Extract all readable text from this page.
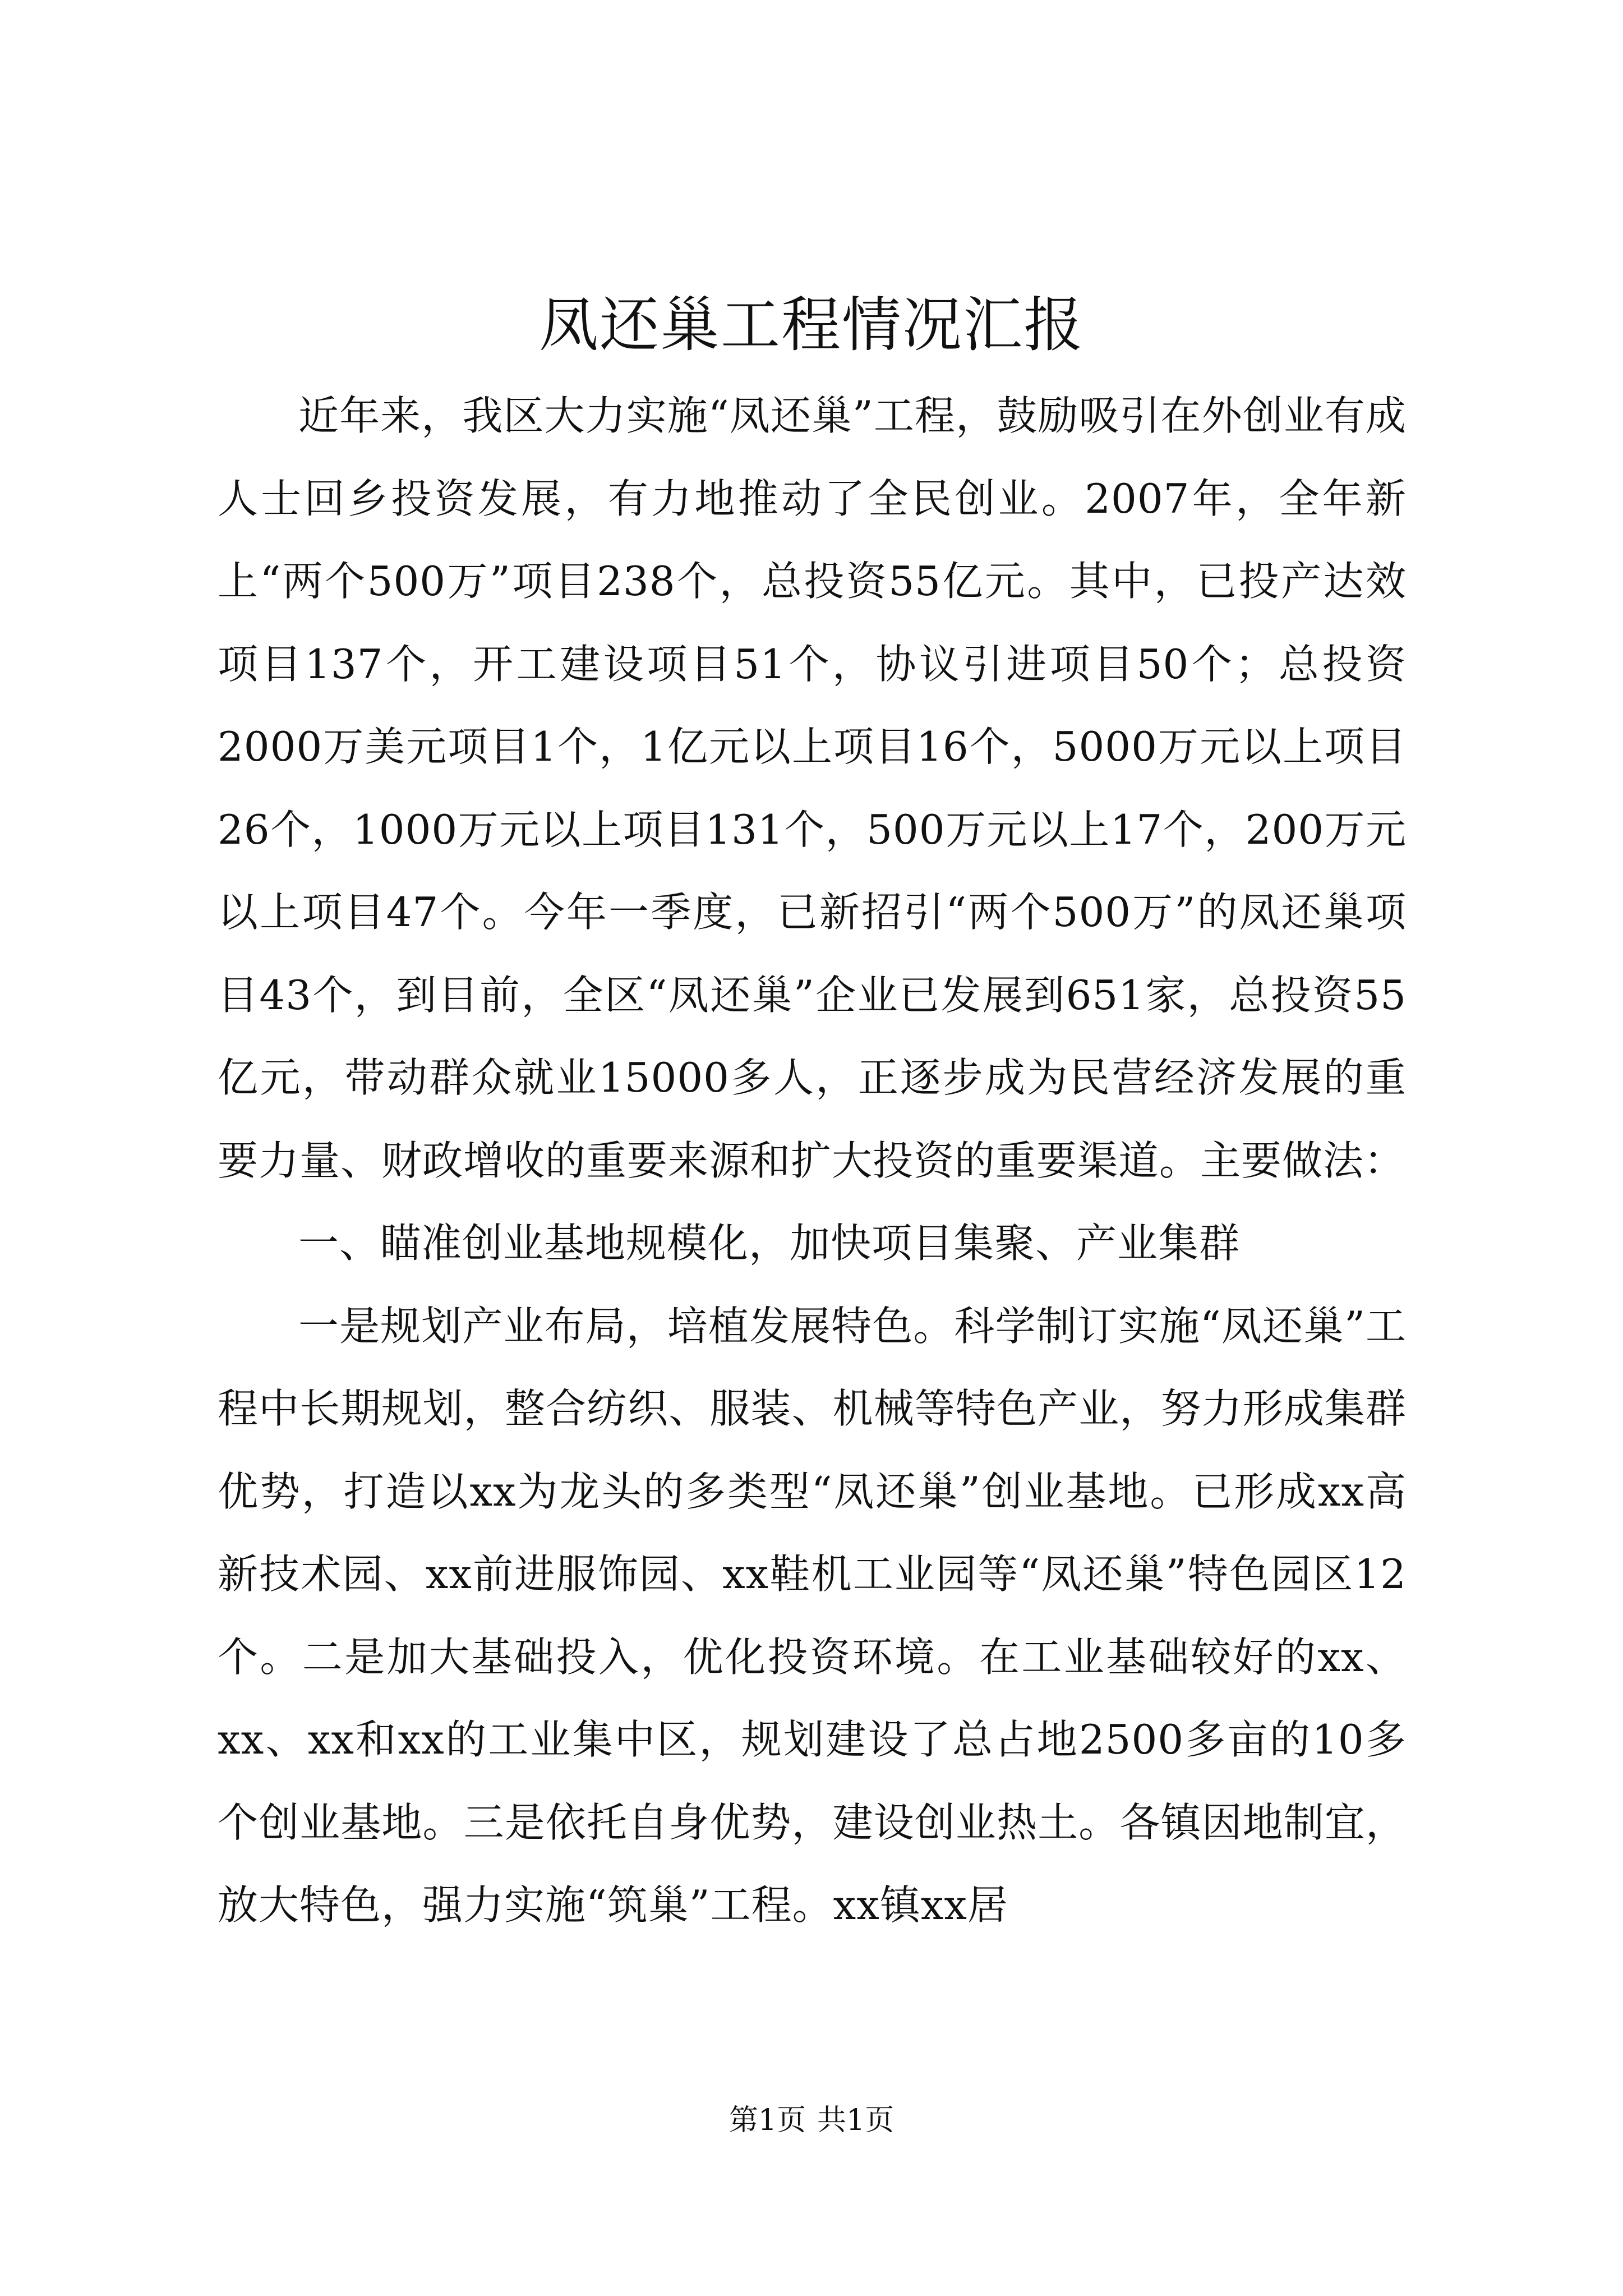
凤还巢工程情况汇报

近年来，我区大力实施“凤还巢”工程，鼓励吸引在外创业有成人士回乡投资发展，有力地推动了全民创业。2007年，全年新上“两个500万”项目238个，总投资55亿元。其中，已投产达效项目137个，开工建设项目51个，协议引进项目50个；总投资2000万美元项目1个，1亿元以上项目16个，5000万元以上项目26个，1000万元以上项目131个，500万元以上17个，200万元以上项目47个。今年一季度，已新招引“两个500万”的凤还巢项目43个，到目前，全区“凤还巢”企业已发展到651家，总投资55亿元，带动群众就业15000多人，正逐步成为民营经济发展的重要力量、财政增收的重要来源和扩大投资的重要渠道。主要做法：

一、瞄准创业基地规模化，加快项目集聚、产业集群

一是规划产业布局，培植发展特色。科学制订实施“凤还巢”工程中长期规划，整合纺织、服装、机械等特色产业，努力形成集群优势，打造以xx为龙头的多类型“凤还巢”创业基地。已形成xx高新技术园、xx前进服饰园、xx鞋机工业园等“凤还巢”特色园区12个。二是加大基础投入，优化投资环境。在工业基础较好的xx、xx、xx和xx的工业集中区，规划建设了总占地2500多亩的10多个创业基地。三是依托自身优势，建设创业热土。各镇因地制宜，放大特色，强力实施“筑巢”工程。xx镇xx居

第1页 共1页
